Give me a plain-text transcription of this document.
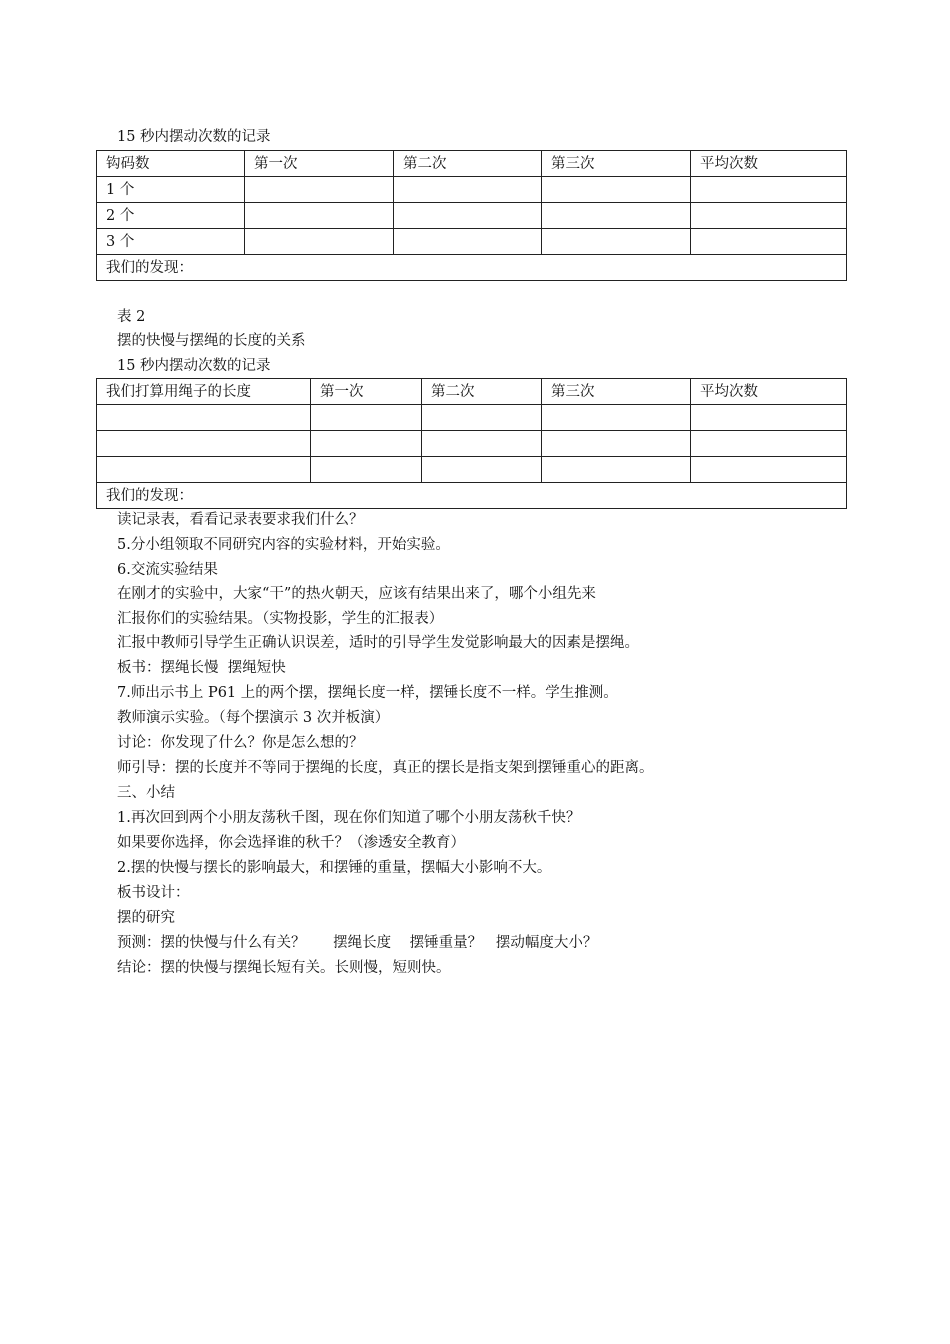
15 秒内摆动次数的记录
钩码数	第一次	第二次	第三次	平均次数
1 个				
2 个				
3 个				
我们的发现：				
表 2
摆的快慢与摆绳的长度的关系
15 秒内摆动次数的记录
我们打算用绳子的长度	第一次	第二次	第三次	平均次数

我们的发现：				
读记录表，看看记录表要求我们什么？
5.分小组领取不同研究内容的实验材料，开始实验。
6.交流实验结果
在刚才的实验中，大家“干”的热火朝天，应该有结果出来了，哪个小组先来
汇报你们的实验结果。（实物投影，学生的汇报表）
汇报中教师引导学生正确认识误差，适时的引导学生发觉影响最大的因素是摆绳。
板书：摆绳长慢  摆绳短快
7.师出示书上 P61 上的两个摆，摆绳长度一样，摆锤长度不一样。学生推测。
教师演示实验。（每个摆演示 3 次并板演）
讨论：你发现了什么？你是怎么想的？
师引导：摆的长度并不等同于摆绳的长度，真正的摆长是指支架到摆锤重心的距离。
三、小结
1.再次回到两个小朋友荡秋千图，现在你们知道了哪个小朋友荡秋千快？
如果要你选择，你会选择谁的秋千？（渗透安全教育）
2.摆的快慢与摆长的影响最大，和摆锤的重量，摆幅大小影响不大。
板书设计：
摆的研究
预测：摆的快慢与什么有关？      摆绳长度    摆锤重量？   摆动幅度大小？
结论：摆的快慢与摆绳长短有关。长则慢，短则快。
